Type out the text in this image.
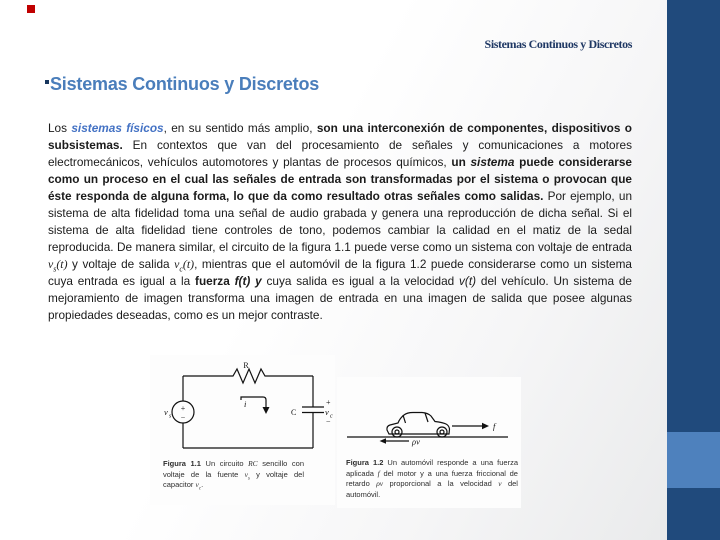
Sistemas Continuos y Discretos
Sistemas Continuos y Discretos
Los sistemas físicos, en su sentido más amplio, son una interconexión de componentes, dispositivos o subsistemas. En contextos que van del procesamiento de señales y comunicaciones a motores electromecánicos, vehículos automotores y plantas de procesos químicos, un sistema puede considerarse como un proceso en el cual las señales de entrada son transformadas por el sistema o provocan que éste responda de alguna forma, lo que da como resultado otras señales como salidas. Por ejemplo, un sistema de alta fidelidad toma una señal de audio grabada y genera una reproducción de dicha señal. Si el sistema de alta fidelidad tiene controles de tono, podemos cambiar la calidad en el matiz de la sedal reproducida. De manera similar, el circuito de la figura 1.1 puede verse como un sistema con voltaje de entrada $v_s(t)$ y voltaje de salida $v_c(t)$, mientras que el automóvil de la figura 1.2 puede considerarse como un sistema cuya entrada es igual a la fuerza f(t) y cuya salida es igual a la velocidad v(t) del vehículo. Un sistema de mejoramiento de imagen transforma una imagen de entrada en una imagen de salida que posee algunas propiedades deseadas, como es un mejor contraste.
R
+
−
v s
i
C
+
v c
−
Figura 1.1 Un circuito RC sencillo con voltaje de la fuente $v_s$ y voltaje del capacitor $v_c$.
f
ρv
Figura 1.2 Un automóvil responde a una fuerza aplicada f del motor y a una fuerza friccional de retardo ρv proporcional a la velocidad v del automóvil.
